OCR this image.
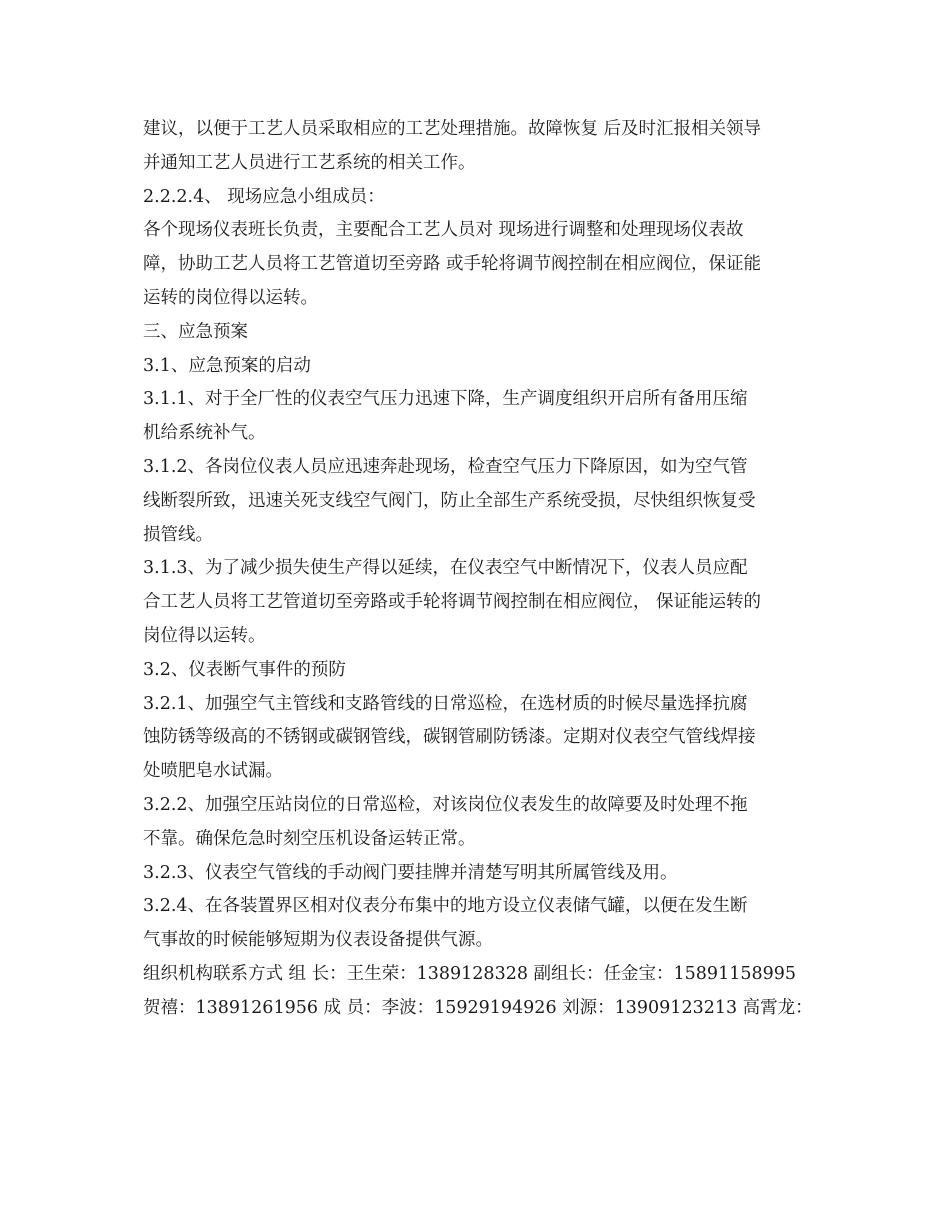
建议，以便于工艺人员采取相应的工艺处理措施。故障恢复 后及时汇报相关领导
并通知工艺人员进行工艺系统的相关工作。
2.2.2.4、 现场应急小组成员：
各个现场仪表班长负责，主要配合工艺人员对 现场进行调整和处理现场仪表故
障，协助工艺人员将工艺管道切至旁路 或手轮将调节阀控制在相应阀位，保证能
运转的岗位得以运转。
三、应急预案
3.1、应急预案的启动
3.1.1、对于全厂性的仪表空气压力迅速下降，生产调度组织开启所有备用压缩
机给系统补气。
3.1.2、各岗位仪表人员应迅速奔赴现场，检查空气压力下降原因，如为空气管
线断裂所致，迅速关死支线空气阀门，防止全部生产系统受损，尽快组织恢复受
损管线。
3.1.3、为了减少损失使生产得以延续，在仪表空气中断情况下，仪表人员应配
合工艺人员将工艺管道切至旁路或手轮将调节阀控制在相应阀位， 保证能运转的
岗位得以运转。
3.2、仪表断气事件的预防
3.2.1、加强空气主管线和支路管线的日常巡检，在选材质的时候尽量选择抗腐
蚀防锈等级高的不锈钢或碳钢管线，碳钢管刷防锈漆。定期对仪表空气管线焊接
处喷肥皂水试漏。
3.2.2、加强空压站岗位的日常巡检，对该岗位仪表发生的故障要及时处理不拖
不靠。确保危急时刻空压机设备运转正常。
3.2.3、仪表空气管线的手动阀门要挂牌并清楚写明其所属管线及用。
3.2.4、在各装置界区相对仪表分布集中的地方设立仪表储气罐，以便在发生断
气事故的时候能够短期为仪表设备提供气源。
组织机构联系方式 组 长：王生荣：1389128328 副组长：任金宝：15891158995
贺禧：13891261956 成 员：李波：15929194926 刘源：13909123213 高霄龙：
